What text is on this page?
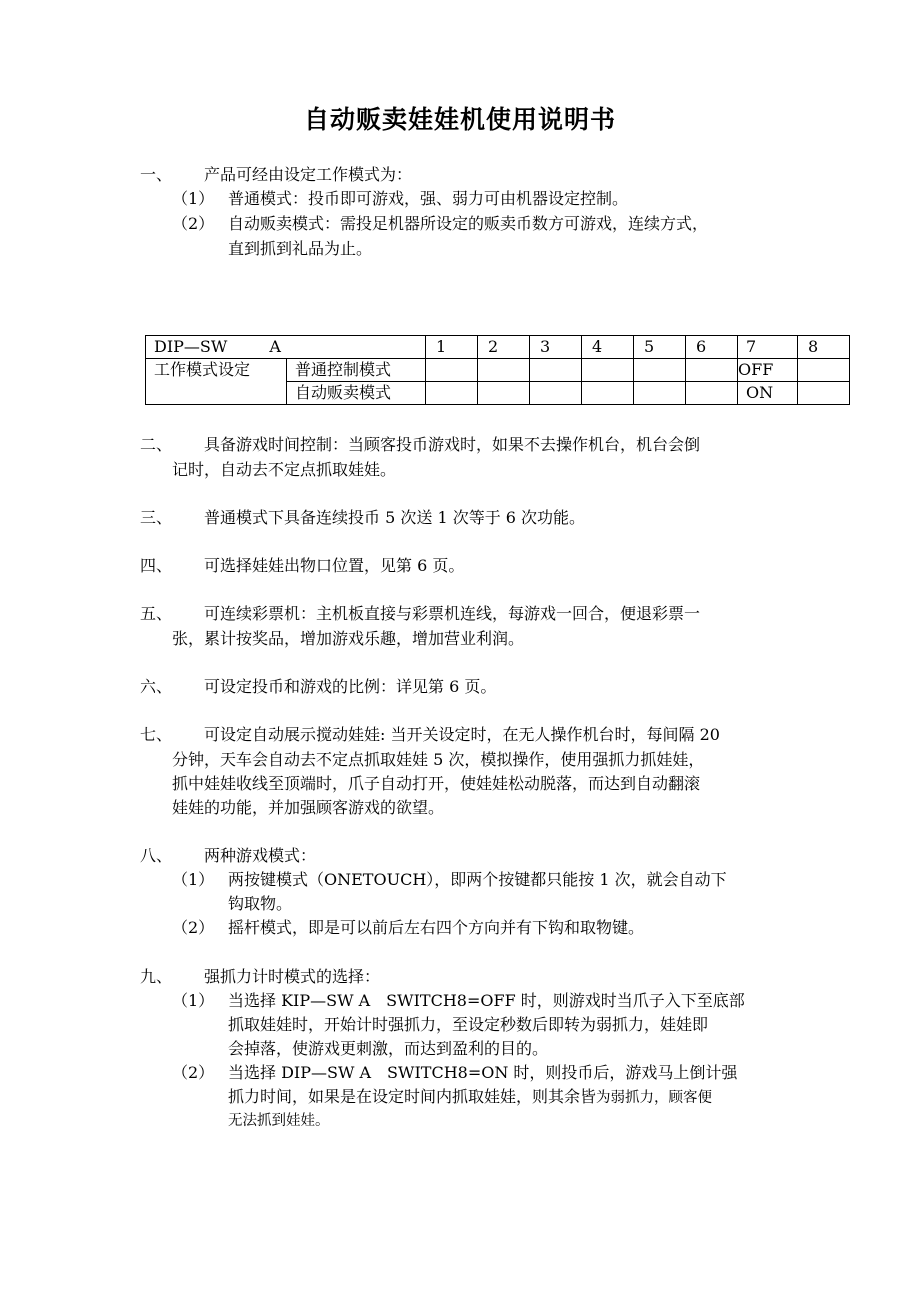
自动贩卖娃娃机使用说明书
一、 产品可经由设定工作模式为：
（1） 普通模式：投币即可游戏，强、弱力可由机器设定控制。
（2） 自动贩卖模式：需投足机器所设定的贩卖币数方可游戏，连续方式，
直到抓到礼品为止。
DIP—SW A		1	2	3	4	5	6	7	8
工作模式设定	普通控制模式							OFF	
	自动贩卖模式							ON	
二、 具备游戏时间控制：当顾客投币游戏时，如果不去操作机台，机台会倒
记时，自动去不定点抓取娃娃。
三、 普通模式下具备连续投币 5 次送 1 次等于 6 次功能。
四、 可选择娃娃出物口位置，见第 6 页。
五、 可连续彩票机：主机板直接与彩票机连线，每游戏一回合，便退彩票一
张，累计按奖品，增加游戏乐趣，增加营业利润。
六、 可设定投币和游戏的比例：详见第 6 页。
七、 可设定自动展示搅动娃娃: 当开关设定时，在无人操作机台时，每间隔 20
分钟，天车会自动去不定点抓取娃娃 5 次，模拟操作，使用强抓力抓娃娃，
抓中娃娃收线至顶端时，爪子自动打开，使娃娃松动脱落，而达到自动翻滚
娃娃的功能，并加强顾客游戏的欲望。
八、 两种游戏模式：
（1） 两按键模式（ONETOUCH），即两个按键都只能按 1 次，就会自动下
钩取物。
（2） 摇杆模式，即是可以前后左右四个方向并有下钩和取物键。
九、 强抓力计时模式的选择：
（1） 当选择 KIP—SW A　SWITCH8=OFF 时，则游戏时当爪子入下至底部
抓取娃娃时，开始计时强抓力，至设定秒数后即转为弱抓力，娃娃即
会掉落，使游戏更刺激，而达到盈利的目的。
（2） 当选择 DIP—SW A　SWITCH8=ON 时，则投币后，游戏马上倒计强
抓力时间，如果是在设定时间内抓取娃娃，则其余皆为弱抓力，顾客便
无法抓到娃娃。
